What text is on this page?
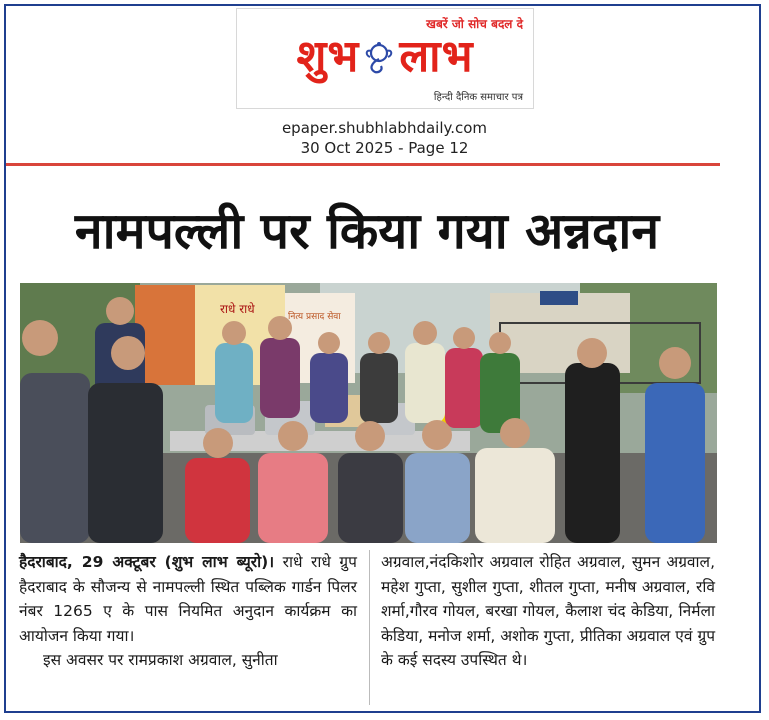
खबरें जो सोच बदल दे
शुभ लाभ
हिन्दी दैनिक समाचार पत्र
epaper.shubhlabhdaily.com
30 Oct 2025 - Page 12
नामपल्ली पर किया गया अन्नदान
राधे राधे
नित्य प्रसाद सेवा

हैदराबाद, 29 अक्टूबर (शुभ लाभ ब्यूरो)। राधे राधे ग्रुप हैदराबाद के सौजन्य से नामपल्ली स्थित पब्लिक गार्डन पिलर नंबर 1265 ए के पास नियमित अनुदान कार्यक्रम का आयोजन किया गया।

इस अवसर पर रामप्रकाश अग्रवाल, सुनीता

अग्रवाल,नंदकिशोर अग्रवाल रोहित अग्रवाल, सुमन अग्रवाल, महेश गुप्ता, सुशील गुप्ता, शीतल गुप्ता, मनीष अग्रवाल, रवि शर्मा,गौरव गोयल, बरखा गोयल, कैलाश चंद केडिया, निर्मला केडिया, मनोज शर्मा, अशोक गुप्ता, प्रीतिका अग्रवाल एवं ग्रुप के कई सदस्य उपस्थित थे।
